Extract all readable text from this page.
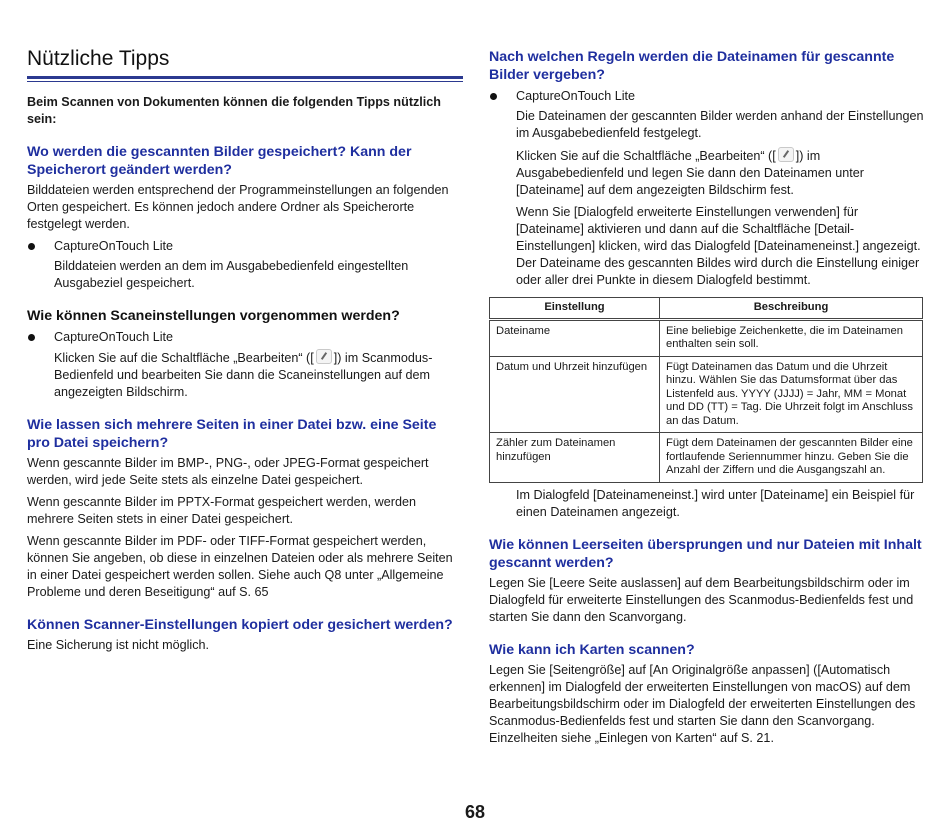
Nützliche Tipps

Beim Scannen von Dokumenten können die folgenden Tipps nützlich sein:

Wo werden die gescannten Bilder gespeichert? Kann der Speicherort geändert werden?

Bilddateien werden entsprechend der Programmeinstellungen an folgenden Orten gespeichert. Es können jedoch andere Ordner als Speicherorte festgelegt werden.

CaptureOnTouch Lite

Bilddateien werden an dem im Ausgabebedienfeld eingestellten Ausgabeziel gespeichert.

Wie können Scaneinstellungen vorgenommen werden?
CaptureOnTouch Lite

Klicken Sie auf die Schaltfläche „Bearbeiten“ ([ ]) im Scanmodus-Bedienfeld und bearbeiten Sie dann die Scaneinstellungen auf dem angezeigten Bildschirm.

Wie lassen sich mehrere Seiten in einer Datei bzw. eine Seite pro Datei speichern?

Wenn gescannte Bilder im BMP-, PNG-, oder JPEG-Format gespeichert werden, wird jede Seite stets als einzelne Datei gespeichert.

Wenn gescannte Bilder im PPTX-Format gespeichert werden, werden mehrere Seiten stets in einer Datei gespeichert.

Wenn gescannte Bilder im PDF- oder TIFF-Format gespeichert werden, können Sie angeben, ob diese in einzelnen Dateien oder als mehrere Seiten in einer Datei gespeichert werden sollen. Siehe auch Q8 unter „Allgemeine Probleme und deren Beseitigung“ auf S. 65

Können Scanner-Einstellungen kopiert oder gesichert werden?

Eine Sicherung ist nicht möglich.

Nach welchen Regeln werden die Dateinamen für gescannte Bilder vergeben?
CaptureOnTouch Lite

Die Dateinamen der gescannten Bilder werden anhand der Einstellungen im Ausgabebedienfeld festgelegt.

Klicken Sie auf die Schaltfläche „Bearbeiten“ ([ ]) im Ausgabebedienfeld und legen Sie dann den Dateinamen unter [Dateiname] auf dem angezeigten Bildschirm fest.

Wenn Sie [Dialogfeld erweiterte Einstellungen verwenden] für [Dateiname] aktivieren und dann auf die Schaltfläche [Detail-Einstellungen] klicken, wird das Dialogfeld [Dateinameneinst.] angezeigt. Der Dateiname des gescannten Bildes wird durch die Einstellung einiger oder aller drei Punkte in diesem Dialogfeld bestimmt.

Einstellung	Beschreibung
Dateiname	Eine beliebige Zeichenkette, die im Dateinamen enthalten sein soll.
Datum und Uhrzeit hinzufügen	Fügt Dateinamen das Datum und die Uhrzeit hinzu. Wählen Sie das Datumsformat über das Listenfeld aus. YYYY (JJJJ) = Jahr, MM = Monat und DD (TT) = Tag. Die Uhrzeit folgt im Anschluss an das Datum.
Zähler zum Dateinamen hinzufügen	Fügt dem Dateinamen der gescannten Bilder eine fortlaufende Seriennummer hinzu. Geben Sie die Anzahl der Ziffern und die Ausgangszahl an.

Im Dialogfeld [Dateinameneinst.] wird unter [Dateiname] ein Beispiel für einen Dateinamen angezeigt.

Wie können Leerseiten übersprungen und nur Dateien mit Inhalt gescannt werden?

Legen Sie [Leere Seite auslassen] auf dem Bearbeitungsbildschirm oder im Dialogfeld für erweiterte Einstellungen des Scanmodus-Bedienfelds fest und starten Sie dann den Scanvorgang.

Wie kann ich Karten scannen?

Legen Sie [Seitengröße] auf [An Originalgröße anpassen] ([Automatisch erkennen] im Dialogfeld der erweiterten Einstellungen von macOS) auf dem Bearbeitungsbildschirm oder im Dialogfeld der erweiterten Einstellungen des Scanmodus-Bedienfelds fest und starten Sie dann den Scanvorgang. Einzelheiten siehe „Einlegen von Karten“ auf S. 21.

68
